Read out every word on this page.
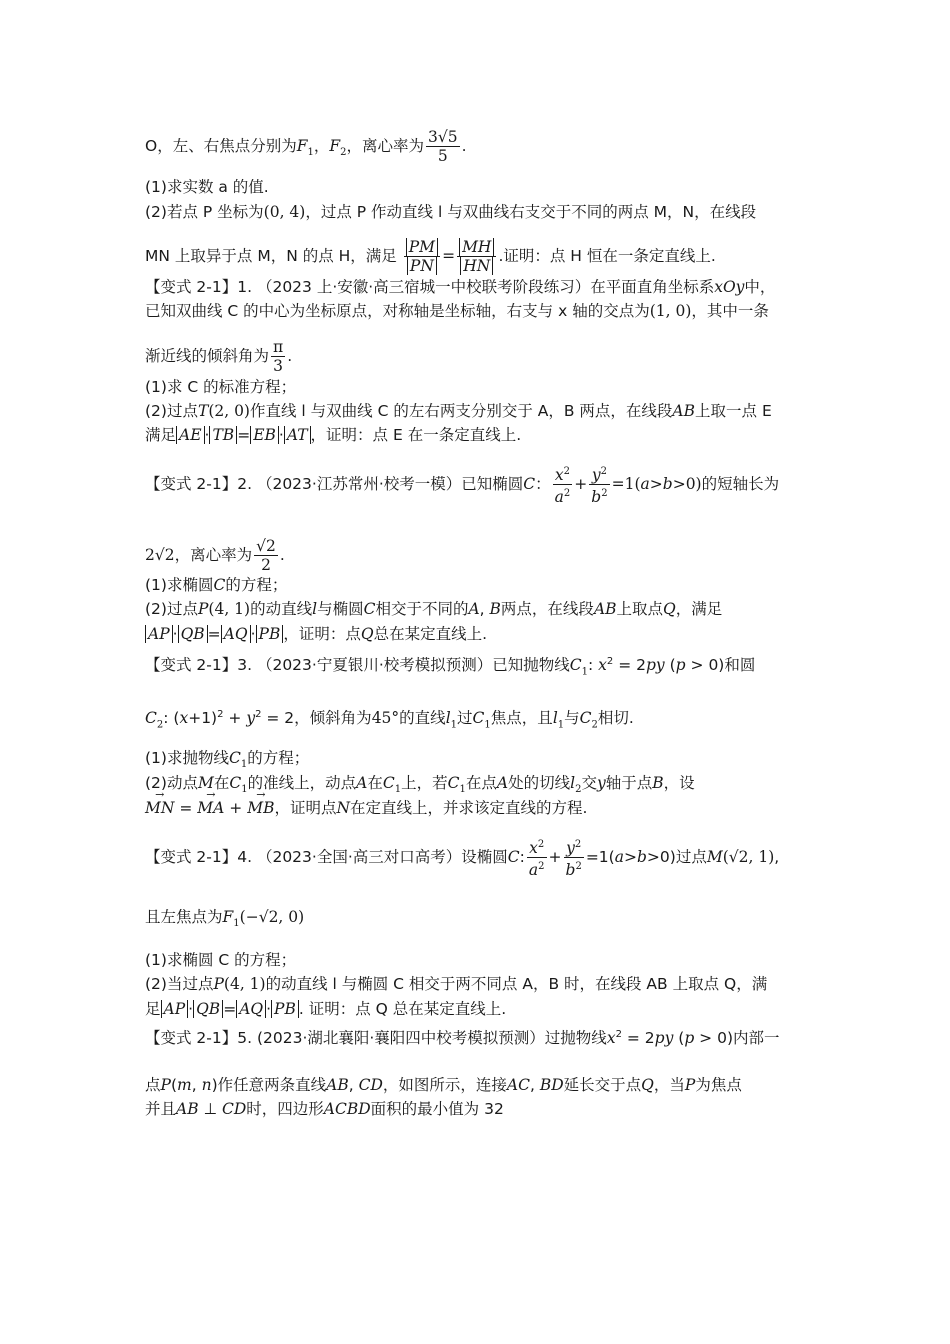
O，左、右焦点分别为$F_1$，$F_2$，离心率为 $\frac{3√5}{5}$ .
(1)求实数 a 的值.
(2)若点 P 坐标为(0, 4)，过点 P 作动直线 l 与双曲线右支交于不同的两点 M，N，在线段
MN 上取异于点 M，N 的点 H，满足 $\frac{PM}{PN} = \frac{MH}{HN}$ .证明：点 H 恒在一条定直线上.
【变式 2-1】1. （2023 上·安徽·高三宿城一中校联考阶段练习）在平面直角坐标系xOy中，
已知双曲线 C 的中心为坐标原点，对称轴是坐标轴，右支与 x 轴的交点为(1, 0)，其中一条
渐近线的倾斜角为 $\frac{\pi}{3}$ .
(1)求 C 的标准方程；
(2)过点T(2, 0)作直线 l 与双曲线 C 的左右两支分别交于 A，B 两点，在线段AB上取一点 E
满足 AE · TB = EB · AT ，证明：点 E 在一条定直线上.
【变式 2-1】2. （2023·江苏常州·校考一模）已知椭圆C： $\frac{x^2}{a^2} + \frac{y^2}{b^2} =1(a>b>0)$的短轴长为
2√2，离心率为 $\frac{√2}{2}$ .
(1)求椭圆C的方程；
(2)过点P(4, 1)的动直线l与椭圆C相交于不同的A, B两点，在线段AB上取点Q，满足
AP · QB = AQ · PB ，证明：点Q总在某定直线上.
【变式 2-1】3. （2023·宁夏银川·校考模拟预测）已知抛物线$C_1$: $x^2 = 2py$ (p > 0)和圆
$C_2$: $(x+1)^2 + y^2 = 2$，倾斜角为45°的直线$l_1$过$C_1$焦点，且$l_1$与$C_2$相切.
(1)求抛物线$C_1$的方程；
(2)动点M在$C_1$的准线上，动点A在$C_1$上，若$C_1$在点A处的切线$l_2$交y轴于点B，设
→ MN = → MA + → MB，证明点N在定直线上，并求该定直线的方程.
【变式 2-1】4. （2023·全国·高三对口高考）设椭圆C: $\frac{x^2}{a^2} + \frac{y^2}{b^2} =1(a>b>0)$过点M(√2, 1),
且左焦点为$F_1(-√2$, 0)
(1)求椭圆 C 的方程；
(2)当过点P(4, 1)的动直线 l 与椭圆 C 相交于两不同点 A，B 时，在线段 AB 上取点 Q，满
足 AP · QB = AQ · PB . 证明：点 Q 总在某定直线上.
【变式 2-1】5. (2023·湖北襄阳·襄阳四中校考模拟预测）过抛物线$x^2 = 2py$ (p > 0)内部一
点P(m, n)作任意两条直线AB, CD，如图所示，连接AC, BD延长交于点Q，当P为焦点
并且AB ⊥ CD时，四边形ACBD面积的最小值为 32
